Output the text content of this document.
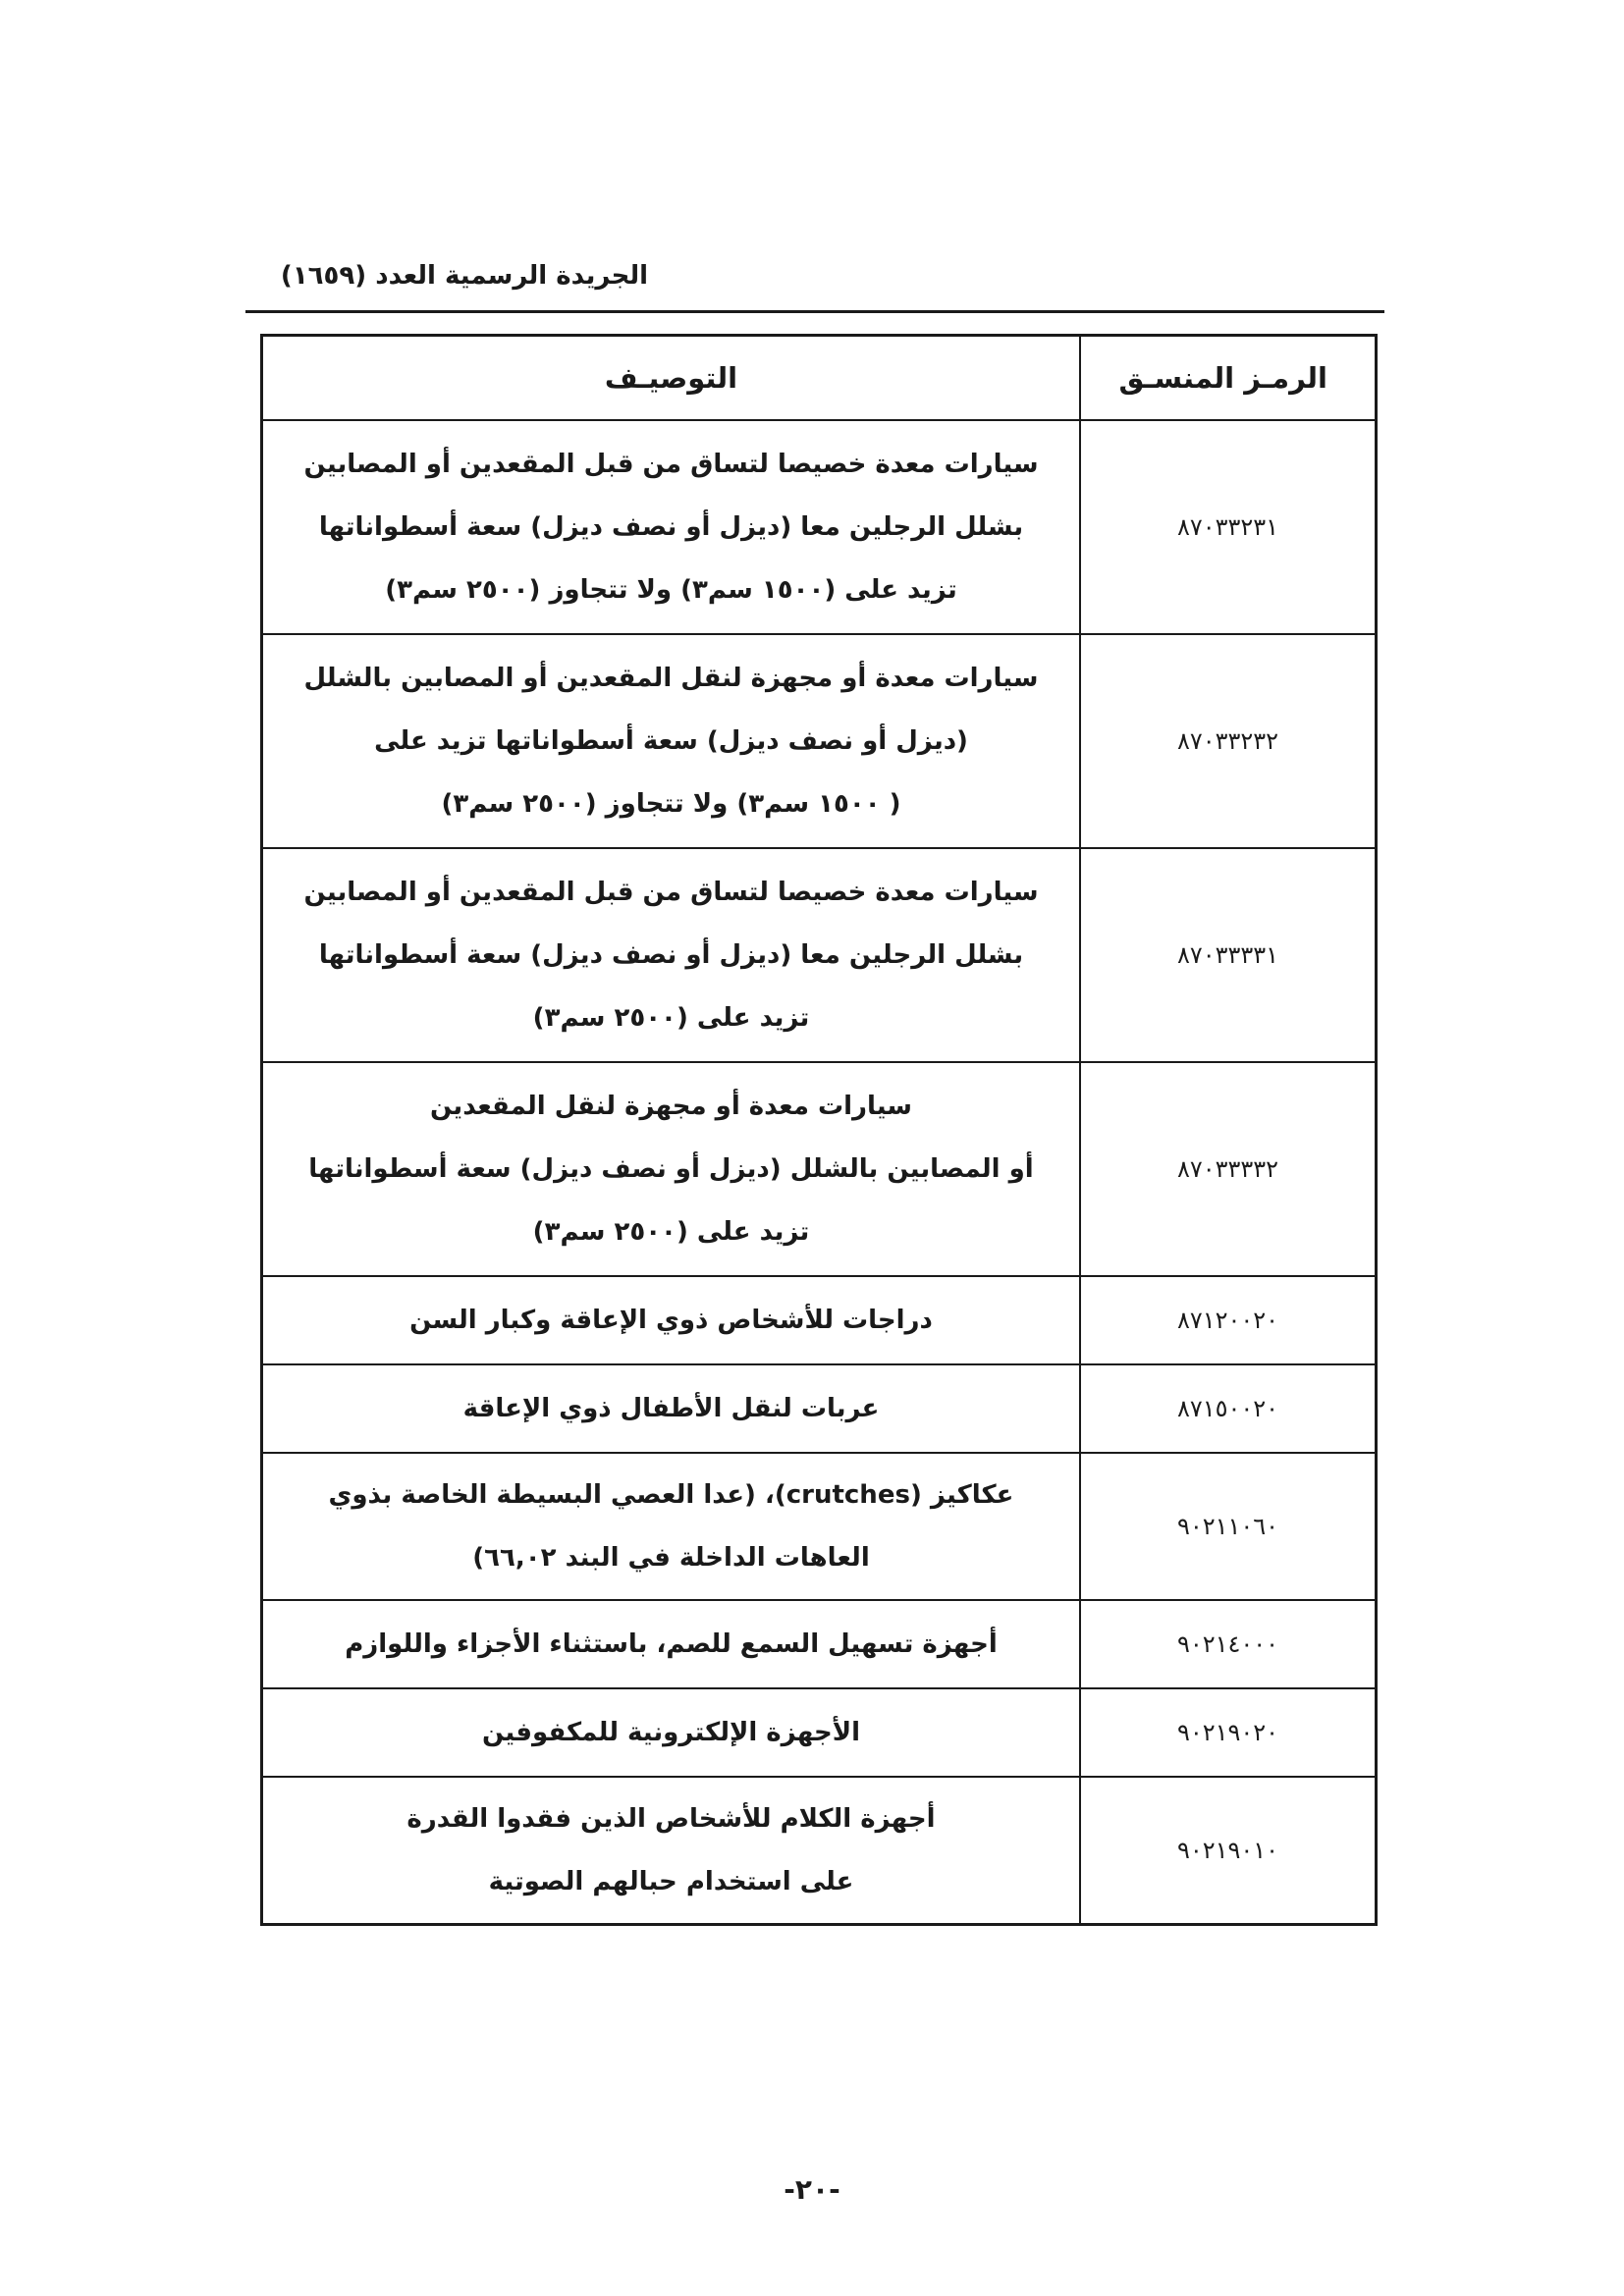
الجريدة الرسمية العدد (١٦٥٩)
الرمـز المنسـق	التوصيـف
٨٧٠٣٣٢٣١	سيارات معدة خصيصا لتساق من قبل المقعدين أو المصابين
بشلل الرجلين معا (ديزل أو نصف ديزل) سعة أسطواناتها
تزيد على (١٥٠٠ سم٣) ولا تتجاوز (٢٥٠٠ سم٣)

٨٧٠٣٣٢٣٢	سيارات معدة أو مجهزة لنقل المقعدين أو المصابين بالشلل
(ديزل أو نصف ديزل) سعة أسطواناتها تزيد على
( ١٥٠٠ سم٣) ولا تتجاوز (٢٥٠٠ سم٣)

٨٧٠٣٣٣٣١	سيارات معدة خصيصا لتساق من قبل المقعدين أو المصابين
بشلل الرجلين معا (ديزل أو نصف ديزل) سعة أسطواناتها
تزيد على (٢٥٠٠ سم٣)

٨٧٠٣٣٣٣٢	سيارات معدة أو مجهزة لنقل المقعدين
أو المصابين بالشلل (ديزل أو نصف ديزل) سعة أسطواناتها
تزيد على (٢٥٠٠ سم٣)

٨٧١٢٠٠٢٠	دراجات للأشخاص ذوي الإعاقة وكبار السن

٨٧١٥٠٠٢٠	عربات لنقل الأطفال ذوي الإعاقة

٩٠٢١١٠٦٠	عكاكيز (crutches)، (عدا العصي البسيطة الخاصة بذوي
العاهات الداخلة في البند ٦٦,٠٢)

٩٠٢١٤٠٠٠	أجهزة تسهيل السمع للصم، باستثناء الأجزاء واللوازم

٩٠٢١٩٠٢٠	الأجهزة الإلكترونية للمكفوفين

٩٠٢١٩٠١٠	أجهزة الكلام للأشخاص الذين فقدوا القدرة
على استخدام حبالهم الصوتية
-٢٠-
